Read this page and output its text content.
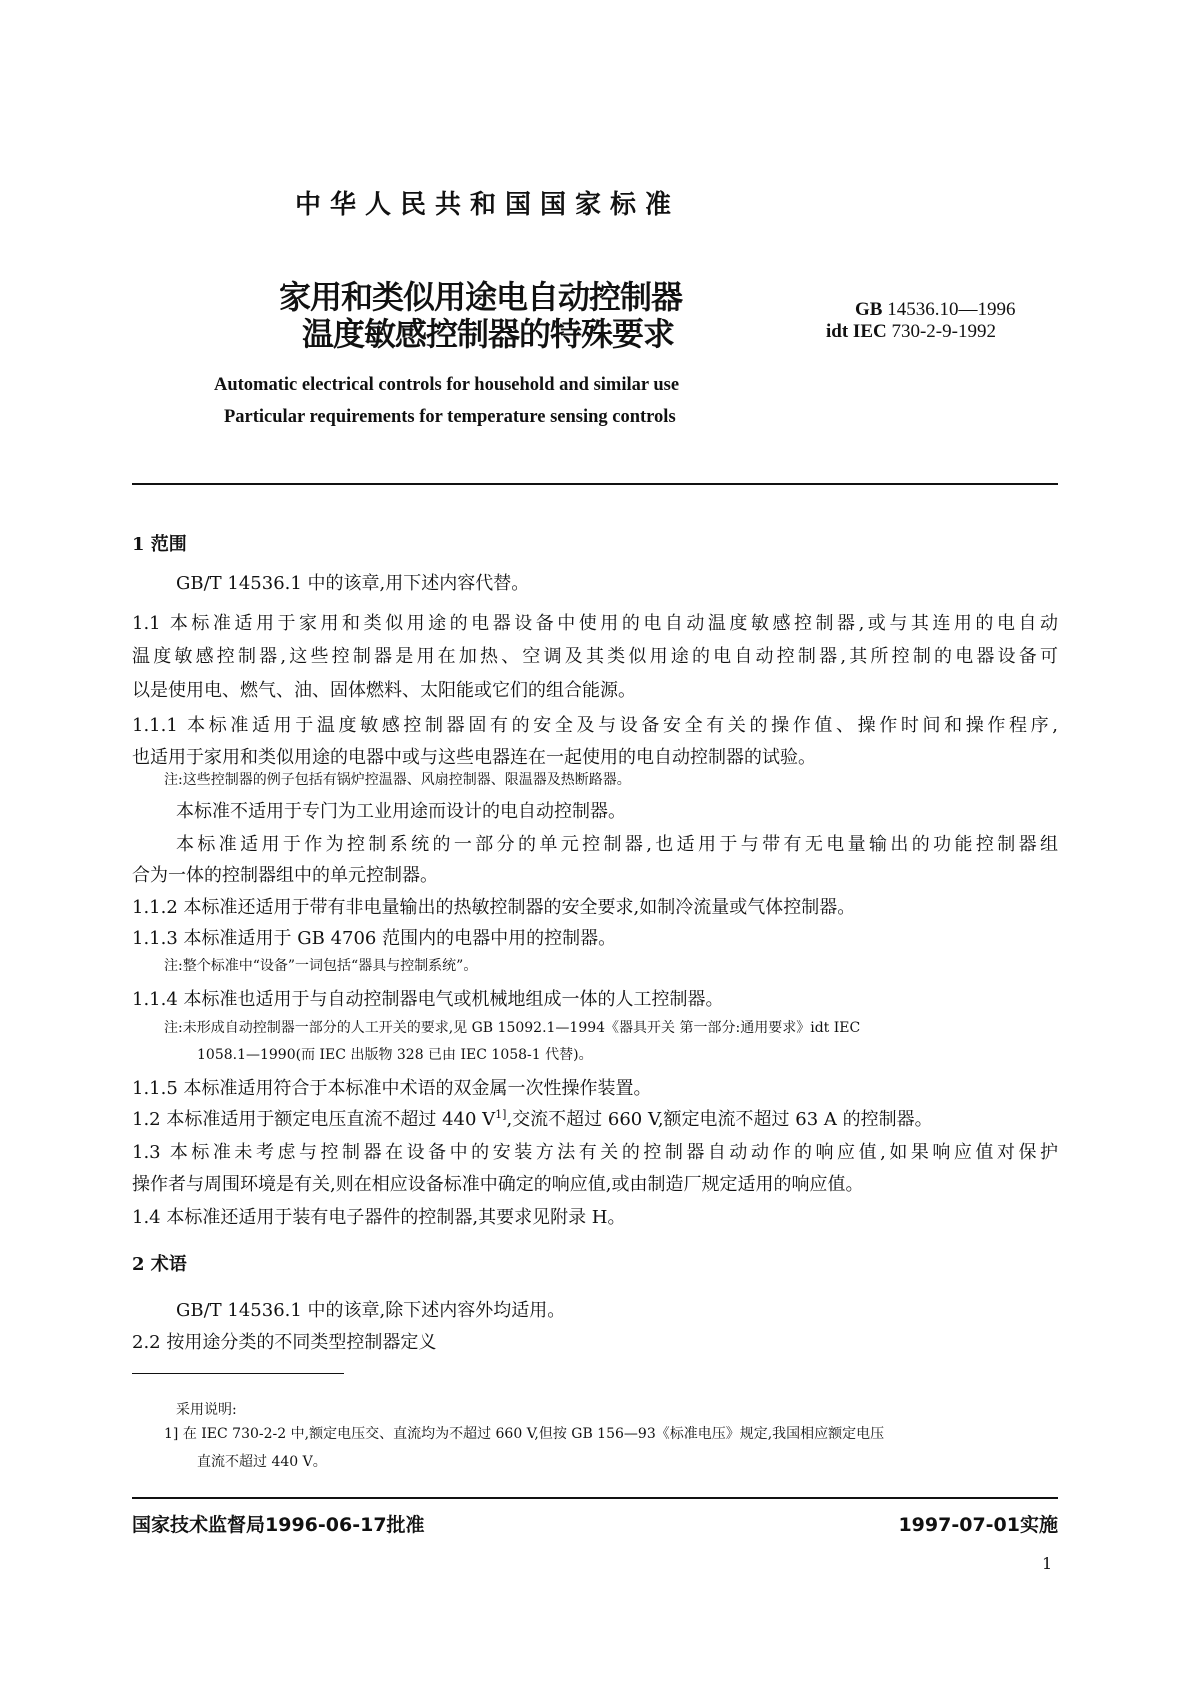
中华人民共和国国家标准
家用和类似用途电自动控制器
温度敏感控制器的特殊要求
GB 14536.10—1996
idt IEC 730-2-9-1992
Automatic electrical controls for household and similar use
Particular requirements for temperature sensing controls
1 范围
GB/T 14536.1 中的该章,用下述内容代替。
1.1 本标准适用于家用和类似用途的电器设备中使用的电自动温度敏感控制器,或与其连用的电自动
温度敏感控制器,这些控制器是用在加热、空调及其类似用途的电自动控制器,其所控制的电器设备可
以是使用电、燃气、油、固体燃料、太阳能或它们的组合能源。
1.1.1 本标准适用于温度敏感控制器固有的安全及与设备安全有关的操作值、操作时间和操作程序,
也适用于家用和类似用途的电器中或与这些电器连在一起使用的电自动控制器的试验。
注:这些控制器的例子包括有锅炉控温器、风扇控制器、限温器及热断路器。
本标准不适用于专门为工业用途而设计的电自动控制器。
本标准适用于作为控制系统的一部分的单元控制器,也适用于与带有无电量输出的功能控制器组
合为一体的控制器组中的单元控制器。
1.1.2 本标准还适用于带有非电量输出的热敏控制器的安全要求,如制冷流量或气体控制器。
1.1.3 本标准适用于 GB 4706 范围内的电器中用的控制器。
注:整个标准中“设备”一词包括“器具与控制系统”。
1.1.4 本标准也适用于与自动控制器电气或机械地组成一体的人工控制器。
注:未形成自动控制器一部分的人工开关的要求,见 GB 15092.1—1994《器具开关 第一部分:通用要求》idt IEC
1058.1—1990(而 IEC 出版物 328 已由 IEC 1058-1 代替)。
1.1.5 本标准适用符合于本标准中术语的双金属一次性操作装置。
1.2 本标准适用于额定电压直流不超过 440 $V^{1]}$,交流不超过 660 V,额定电流不超过 63 A 的控制器。
1.3 本标准未考虑与控制器在设备中的安装方法有关的控制器自动动作的响应值,如果响应值对保护
操作者与周围环境是有关,则在相应设备标准中确定的响应值,或由制造厂规定适用的响应值。
1.4 本标准还适用于装有电子器件的控制器,其要求见附录 H。
2 术语
GB/T 14536.1 中的该章,除下述内容外均适用。
2.2 按用途分类的不同类型控制器定义
采用说明:
1] 在 IEC 730-2-2 中,额定电压交、直流均为不超过 660 V,但按 GB 156—93《标准电压》规定,我国相应额定电压
直流不超过 440 V。
国家技术监督局1996-06-17批准	1997-07-01实施
1
